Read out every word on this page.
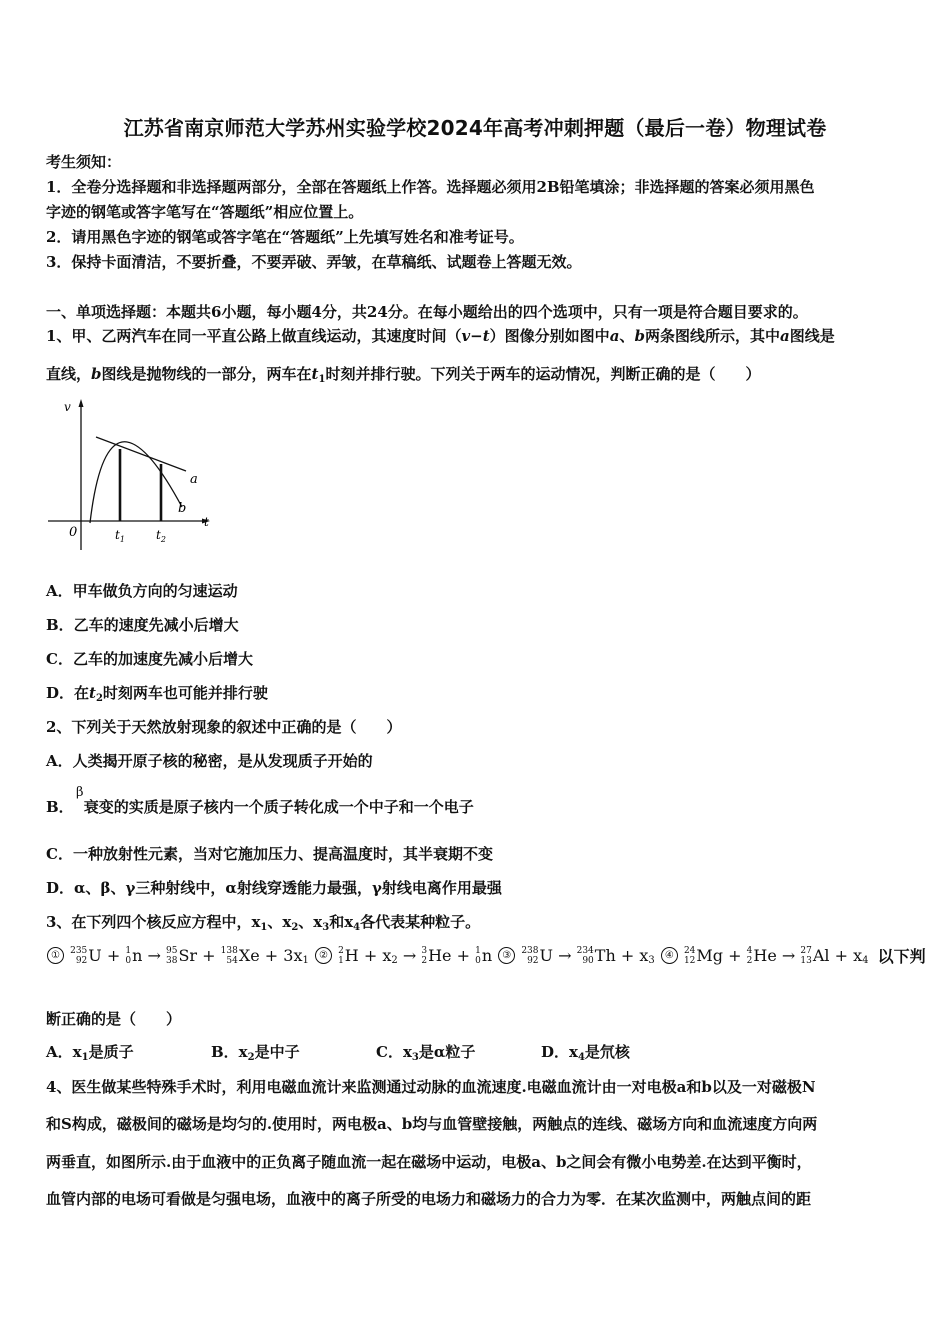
江苏省南京师范大学苏州实验学校2024年高考冲刺押题（最后一卷）物理试卷
考生须知：
1．全卷分选择题和非选择题两部分，全部在答题纸上作答。选择题必须用2B铅笔填涂；非选择题的答案必须用黑色
字迹的钢笔或答字笔写在“答题纸”相应位置上。
2．请用黑色字迹的钢笔或答字笔在“答题纸”上先填写姓名和准考证号。
3．保持卡面清洁，不要折叠，不要弄破、弄皱，在草稿纸、试题卷上答题无效。
一、单项选择题：本题共6小题，每小题4分，共24分。在每小题给出的四个选项中，只有一项是符合题目要求的。
1、甲、乙两汽车在同一平直公路上做直线运动，其速度时间（v−t）图像分别如图中a、b两条图线所示，其中a图线是
直线，b图线是抛物线的一部分，两车在$t_1$时刻并排行驶。下列关于两车的运动情况，判断正确的是（　　）
v
t
0
a
b
$t_1$	$t_2$
A．甲车做负方向的匀速运动
B．乙车的速度先减小后增大
C．乙车的加速度先减小后增大
D．在$t_2$时刻两车也可能并排行驶
2、下列关于天然放射现象的叙述中正确的是（　　）
A．人类揭开原子核的秘密，是从发现质子开始的
B． 衰变的实质是原子核内一个质子转化成一个中子和一个电子
β
C．一种放射性元素，当对它施加压力、提高温度时，其半衰期不变
D．α、β、γ三种射线中，α射线穿透能力最强，γ射线电离作用最强
3、在下列四个核反应方程中，$x_1$、$x_2$、$x_3$和$x_4$各代表某种粒子。
① 235
92 U + 1
0 n → 95
38 Sr + 138
54 $Xe + 3x_1$ ② 2
1 $H + x_2 \to 3$
2 He + 1
0 n ③ 238
92 U → 234
90 $Th + x_3$ ④ 24
12 Mg + 4
2 He → 27
13 $Al + x_4$ 以下判
断正确的是（　　）
A．$x_1$是质子	B．$x_2$是中子	C．$x_3$是α粒子	D．$x_4$是氘核
4、医生做某些特殊手术时，利用电磁血流计来监测通过动脉的血流速度.电磁血流计由一对电极a和b以及一对磁极N
和S构成，磁极间的磁场是均匀的.使用时，两电极a、b均与血管壁接触，两触点的连线、磁场方向和血流速度方向两
两垂直，如图所示.由于血液中的正负离子随血流一起在磁场中运动，电极a、b之间会有微小电势差.在达到平衡时，
血管内部的电场可看做是匀强电场，血液中的离子所受的电场力和磁场力的合力为零．在某次监测中，两触点间的距
